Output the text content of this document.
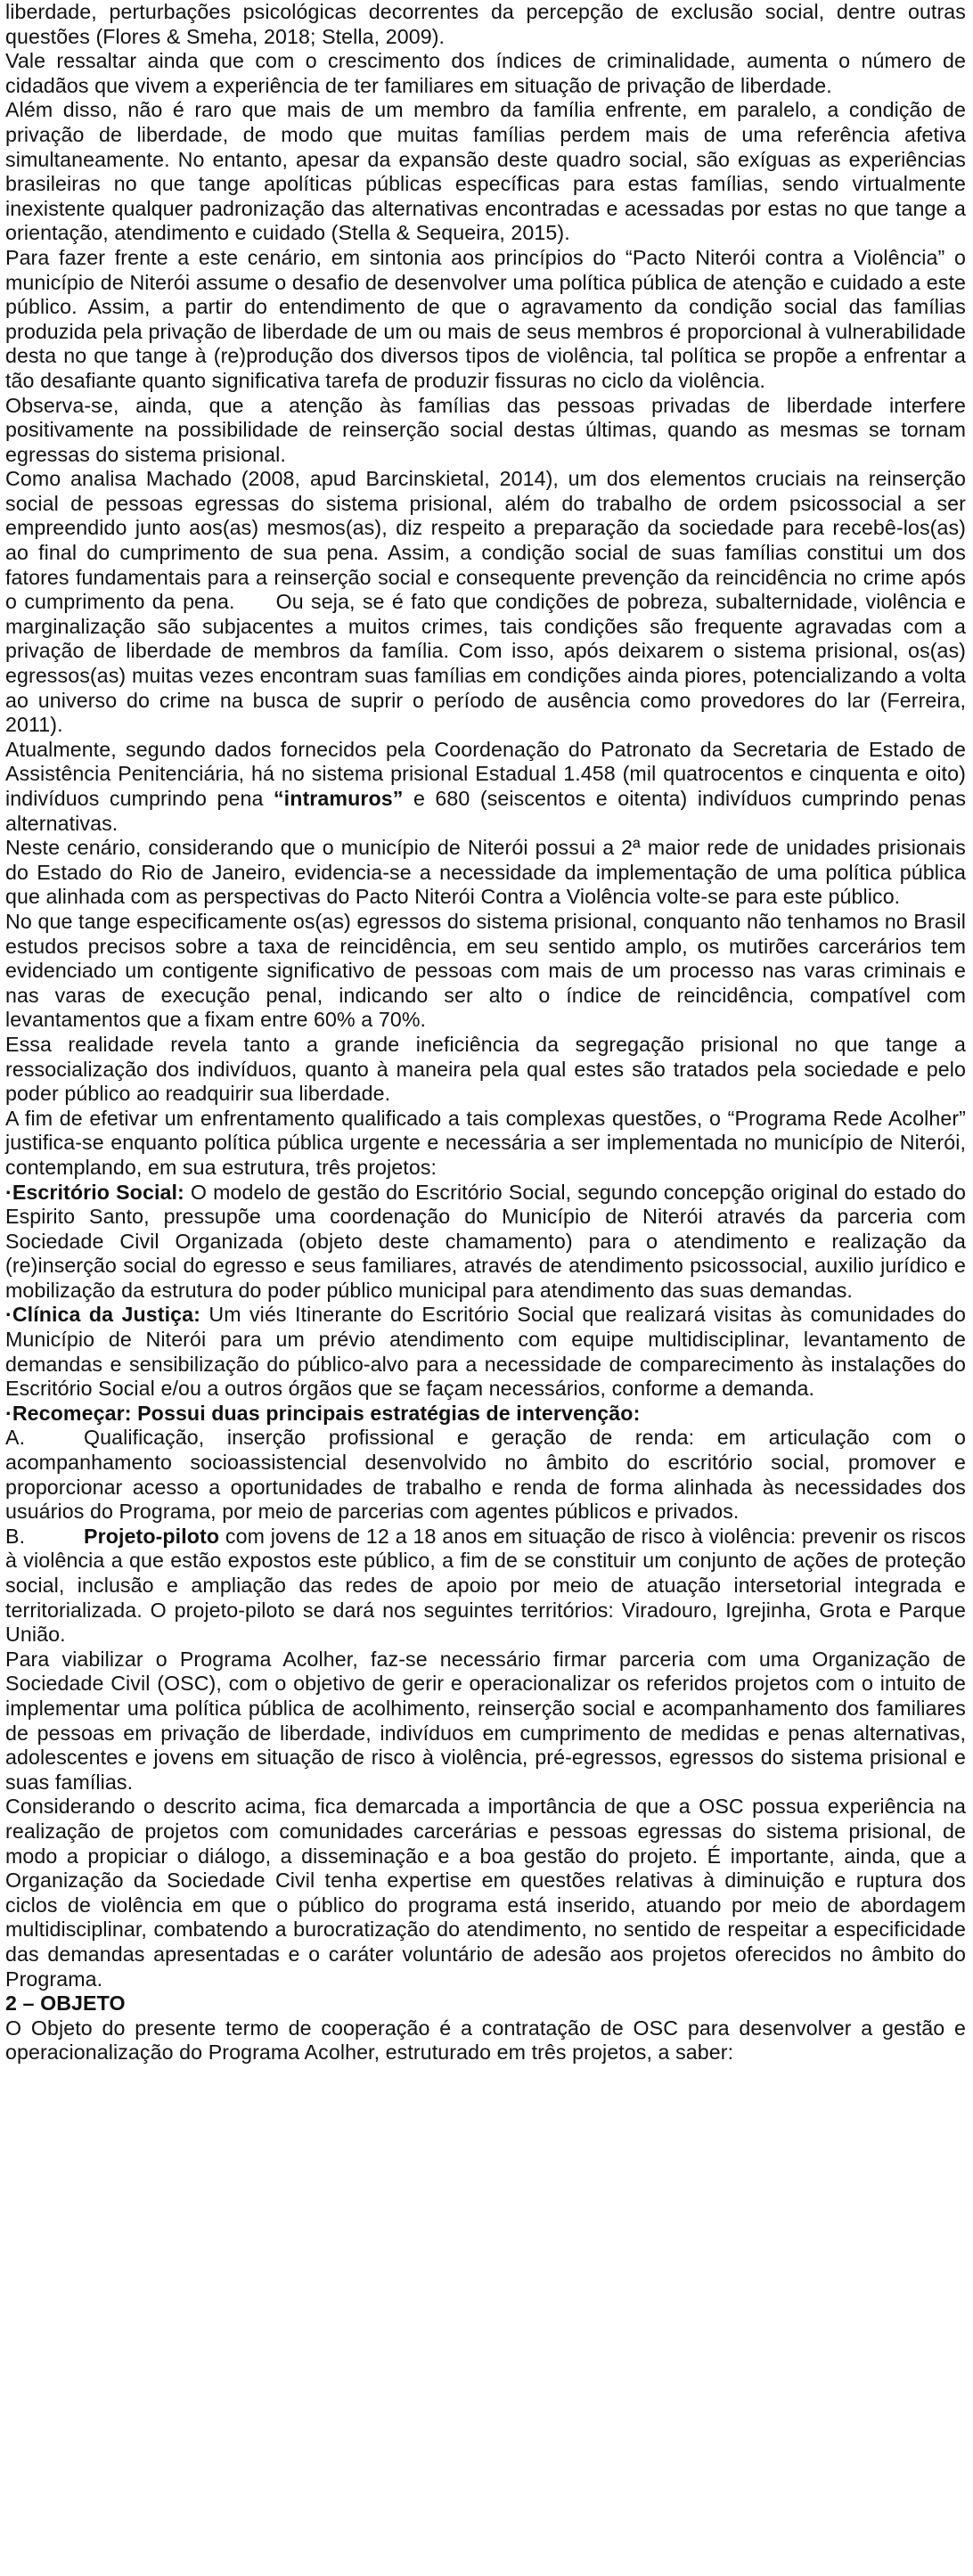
liberdade, perturbações psicológicas decorrentes da percepção de exclusão social, dentre outras questões (Flores & Smeha, 2018; Stella, 2009).

Vale ressaltar ainda que com o crescimento dos índices de criminalidade, aumenta o número de cidadãos que vivem a experiência de ter familiares em situação de privação de liberdade.

Além disso, não é raro que mais de um membro da família enfrente, em paralelo, a condição de privação de liberdade, de modo que muitas famílias perdem mais de uma referência afetiva simultaneamente. No entanto, apesar da expansão deste quadro social, são exíguas as experiências brasileiras no que tange apolíticas públicas específicas para estas famílias, sendo virtualmente inexistente qualquer padronização das alternativas encontradas e acessadas por estas no que tange a orientação, atendimento e cuidado (Stella & Sequeira, 2015).

Para fazer frente a este cenário, em sintonia aos princípios do “Pacto Niterói contra a Violência” o município de Niterói assume o desafio de desenvolver uma política pública de atenção e cuidado a este público. Assim, a partir do entendimento de que o agravamento da condição social das famílias produzida pela privação de liberdade de um ou mais de seus membros é proporcional à vulnerabilidade desta no que tange à (re)produção dos diversos tipos de violência, tal política se propõe a enfrentar a tão desafiante quanto significativa tarefa de produzir fissuras no ciclo da violência.

Observa-se, ainda, que a atenção às famílias das pessoas privadas de liberdade interfere positivamente na possibilidade de reinserção social destas últimas, quando as mesmas se tornam egressas do sistema prisional.

Como analisa Machado (2008, apud Barcinskietal, 2014), um dos elementos cruciais na reinserção social de pessoas egressas do sistema prisional, além do trabalho de ordem psicossocial a ser empreendido junto aos(as) mesmos(as), diz respeito a preparação da sociedade para recebê-los(as) ao final do cumprimento de sua pena. Assim, a condição social de suas famílias constitui um dos fatores fundamentais para a reinserção social e consequente prevenção da reincidência no crime após o cumprimento da pena. Ou seja, se é fato que condições de pobreza, subalternidade, violência e marginalização são subjacentes a muitos crimes, tais condições são frequente agravadas com a privação de liberdade de membros da família. Com isso, após deixarem o sistema prisional, os(as) egressos(as) muitas vezes encontram suas famílias em condições ainda piores, potencializando a volta ao universo do crime na busca de suprir o período de ausência como provedores do lar (Ferreira, 2011).

Atualmente, segundo dados fornecidos pela Coordenação do Patronato da Secretaria de Estado de Assistência Penitenciária, há no sistema prisional Estadual 1.458 (mil quatrocentos e cinquenta e oito) indivíduos cumprindo pena “intramuros” e 680 (seiscentos e oitenta) indivíduos cumprindo penas alternativas.

Neste cenário, considerando que o município de Niterói possui a 2ª maior rede de unidades prisionais do Estado do Rio de Janeiro, evidencia-se a necessidade da implementação de uma política pública que alinhada com as perspectivas do Pacto Niterói Contra a Violência volte-se para este público.

No que tange especificamente os(as) egressos do sistema prisional, conquanto não tenhamos no Brasil estudos precisos sobre a taxa de reincidência, em seu sentido amplo, os mutirões carcerários tem evidenciado um contigente significativo de pessoas com mais de um processo nas varas criminais e nas varas de execução penal, indicando ser alto o índice de reincidência, compatível com levantamentos que a fixam entre 60% a 70%.

Essa realidade revela tanto a grande ineficiência da segregação prisional no que tange a ressocialização dos indivíduos, quanto à maneira pela qual estes são tratados pela sociedade e pelo poder público ao readquirir sua liberdade.

A fim de efetivar um enfrentamento qualificado a tais complexas questões, o “Programa Rede Acolher” justifica-se enquanto política pública urgente e necessária a ser implementada no município de Niterói, contemplando, em sua estrutura, três projetos:

·Escritório Social: O modelo de gestão do Escritório Social, segundo concepção original do estado do Espirito Santo, pressupõe uma coordenação do Município de Niterói através da parceria com Sociedade Civil Organizada (objeto deste chamamento) para o atendimento e realização da (re)inserção social do egresso e seus familiares, através de atendimento psicossocial, auxilio jurídico e mobilização da estrutura do poder público municipal para atendimento das suas demandas.

·Clínica da Justiça: Um viés Itinerante do Escritório Social que realizará visitas às comunidades do Município de Niterói para um prévio atendimento com equipe multidisciplinar, levantamento de demandas e sensibilização do público-alvo para a necessidade de comparecimento às instalações do Escritório Social e/ou a outros órgãos que se façam necessários, conforme a demanda.

·Recomeçar: Possui duas principais estratégias de intervenção:

A.	Qualificação, inserção profissional e geração de renda: em articulação com o acompanhamento socioassistencial desenvolvido no âmbito do escritório social, promover e proporcionar acesso a oportunidades de trabalho e renda de forma alinhada às necessidades dos usuários do Programa, por meio de parcerias com agentes públicos e privados.

B.	Projeto-piloto com jovens de 12 a 18 anos em situação de risco à violência: prevenir os riscos à violência a que estão expostos este público, a fim de se constituir um conjunto de ações de proteção social, inclusão e ampliação das redes de apoio por meio de atuação intersetorial integrada e territorializada. O projeto-piloto se dará nos seguintes territórios: Viradouro, Igrejinha, Grota e Parque União.

Para viabilizar o Programa Acolher, faz-se necessário firmar parceria com uma Organização de Sociedade Civil (OSC), com o objetivo de gerir e operacionalizar os referidos projetos com o intuito de implementar uma política pública de acolhimento, reinserção social e acompanhamento dos familiares de pessoas em privação de liberdade, indivíduos em cumprimento de medidas e penas alternativas, adolescentes e jovens em situação de risco à violência, pré-egressos, egressos do sistema prisional e suas famílias.

Considerando o descrito acima, fica demarcada a importância de que a OSC possua experiência na realização de projetos com comunidades carcerárias e pessoas egressas do sistema prisional, de modo a propiciar o diálogo, a disseminação e a boa gestão do projeto. É importante, ainda, que a Organização da Sociedade Civil tenha expertise em questões relativas à diminuição e ruptura dos ciclos de violência em que o público do programa está inserido, atuando por meio de abordagem multidisciplinar, combatendo a burocratização do atendimento, no sentido de respeitar a especificidade das demandas apresentadas e o caráter voluntário de adesão aos projetos oferecidos no âmbito do Programa.

2 – OBJETO

O Objeto do presente termo de cooperação é a contratação de OSC para desenvolver a gestão e operacionalização do Programa Acolher, estruturado em três projetos, a saber:
